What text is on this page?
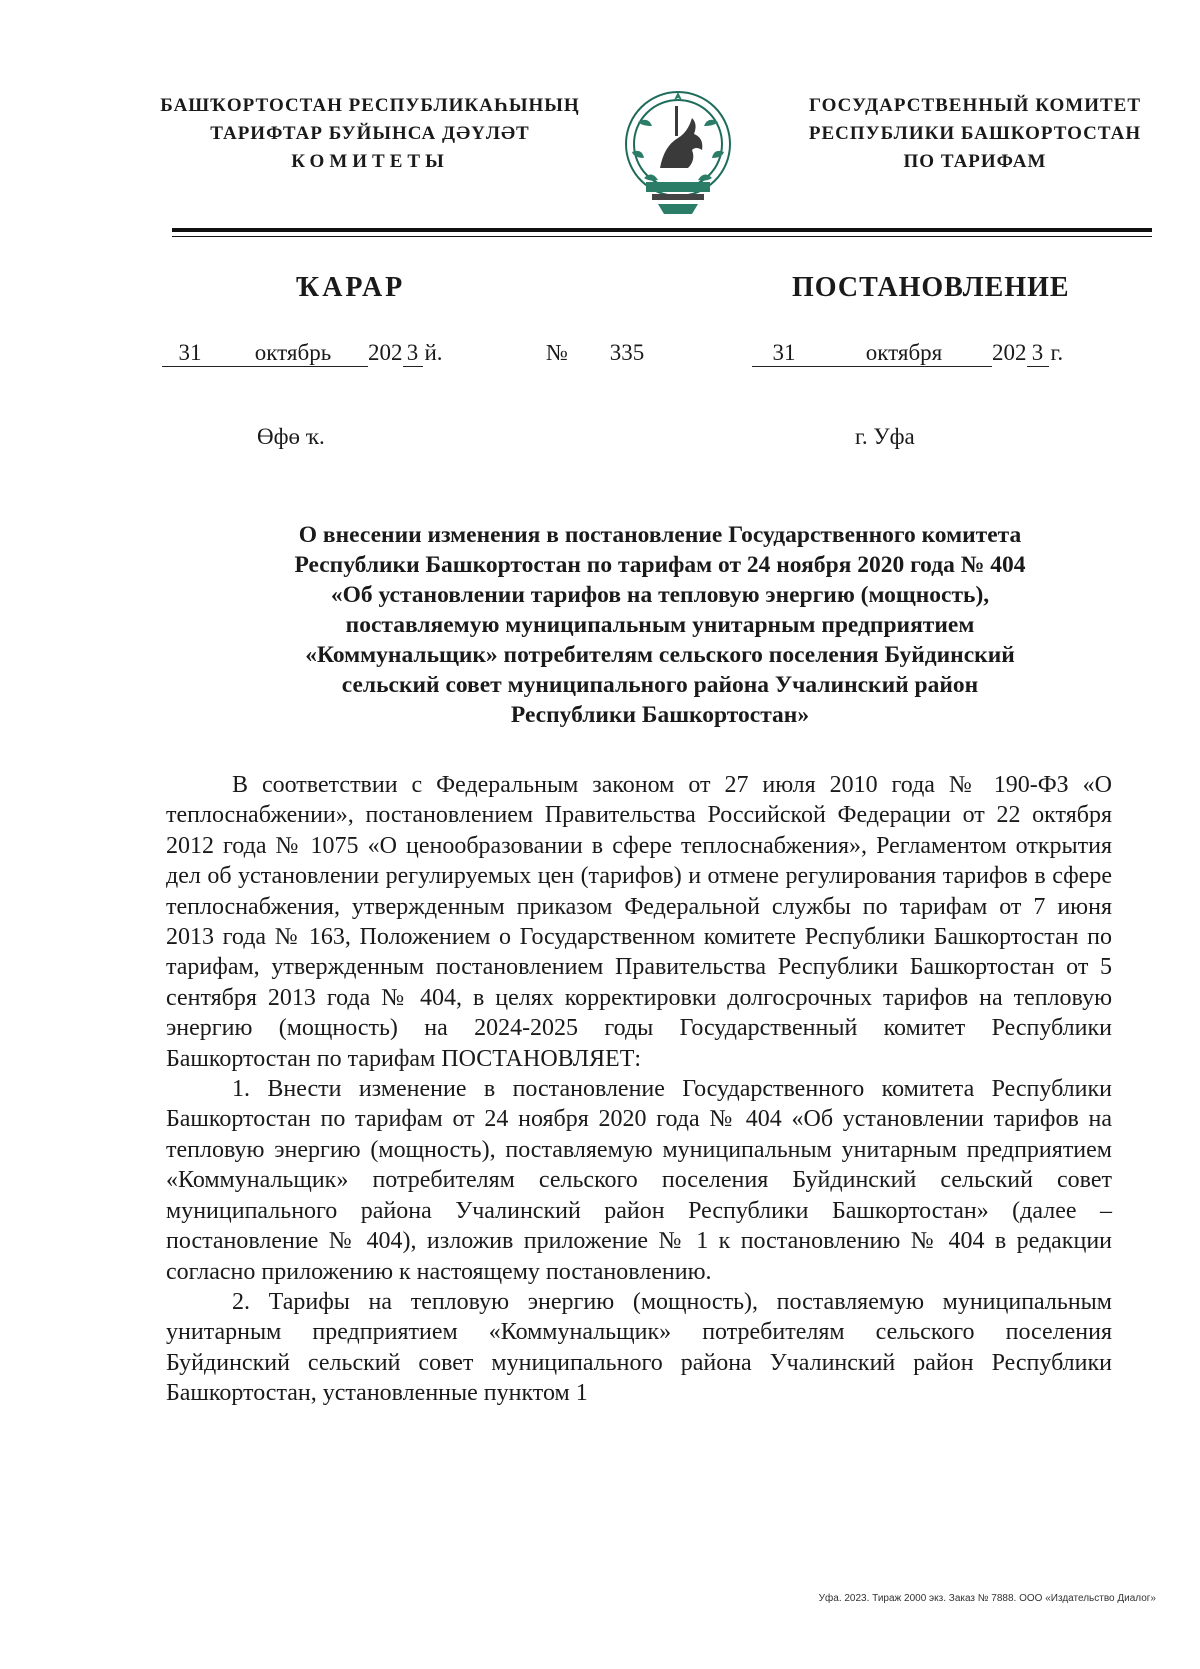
БАШҠОРТОСТАН РЕСПУБЛИКАҺЫНЫҢ
ТАРИФТАР БУЙЫНСА ДӘҮЛӘТ
КОМИТЕТЫ
ГОСУДАРСТВЕННЫЙ КОМИТЕТ
РЕСПУБЛИКИ БАШКОРТОСТАН
ПО ТАРИФАМ
ҠАРАР	ПОСТАНОВЛЕНИЕ
31 октябрь 202 3 й.	№ 335	31	октября 202 3 г.
Өфө ҡ.	г. Уфа
О внесении изменения в постановление Государственного комитета
Республики Башкортостан по тарифам от 24 ноября 2020 года № 404
«Об установлении тарифов на тепловую энергию (мощность),
поставляемую муниципальным унитарным предприятием
«Коммунальщик» потребителям сельского поселения Буйдинский
сельский совет муниципального района Учалинский район
Республики Башкортостан»

В соответствии с Федеральным законом от 27 июля 2010 года № 190-ФЗ «О теплоснабжении», постановлением Правительства Российской Федерации от 22 октября 2012 года № 1075 «О ценообразовании в сфере теплоснабжения», Регламентом открытия дел об установлении регулируемых цен (тарифов) и отмене регулирования тарифов в сфере теплоснабжения, утвержденным приказом Федеральной службы по тарифам от 7 июня 2013 года № 163, Положением о Государственном комитете Республики Башкортостан по тарифам, утвержденным постановлением Правительства Республики Башкортостан от 5 сентября 2013 года № 404, в целях корректировки долгосрочных тарифов на тепловую энергию (мощность) на 2024-2025 годы Государственный комитет Республики Башкортостан по тарифам ПОСТАНОВЛЯЕТ:

1. Внести изменение в постановление Государственного комитета Республики Башкортостан по тарифам от 24 ноября 2020 года № 404 «Об установлении тарифов на тепловую энергию (мощность), поставляемую муниципальным унитарным предприятием «Коммунальщик» потребителям сельского поселения Буйдинский сельский совет муниципального района Учалинский район Республики Башкортостан» (далее – постановление № 404), изложив приложение № 1 к постановлению № 404 в редакции согласно приложению к настоящему постановлению.

2. Тарифы на тепловую энергию (мощность), поставляемую муниципальным унитарным предприятием «Коммунальщик» потребителям сельского поселения Буйдинский сельский совет муниципального района Учалинский район Республики Башкортостан, установленные пунктом 1

Уфа. 2023. Тираж 2000 экз. Заказ № 7888. ООО «Издательство Диалог»
